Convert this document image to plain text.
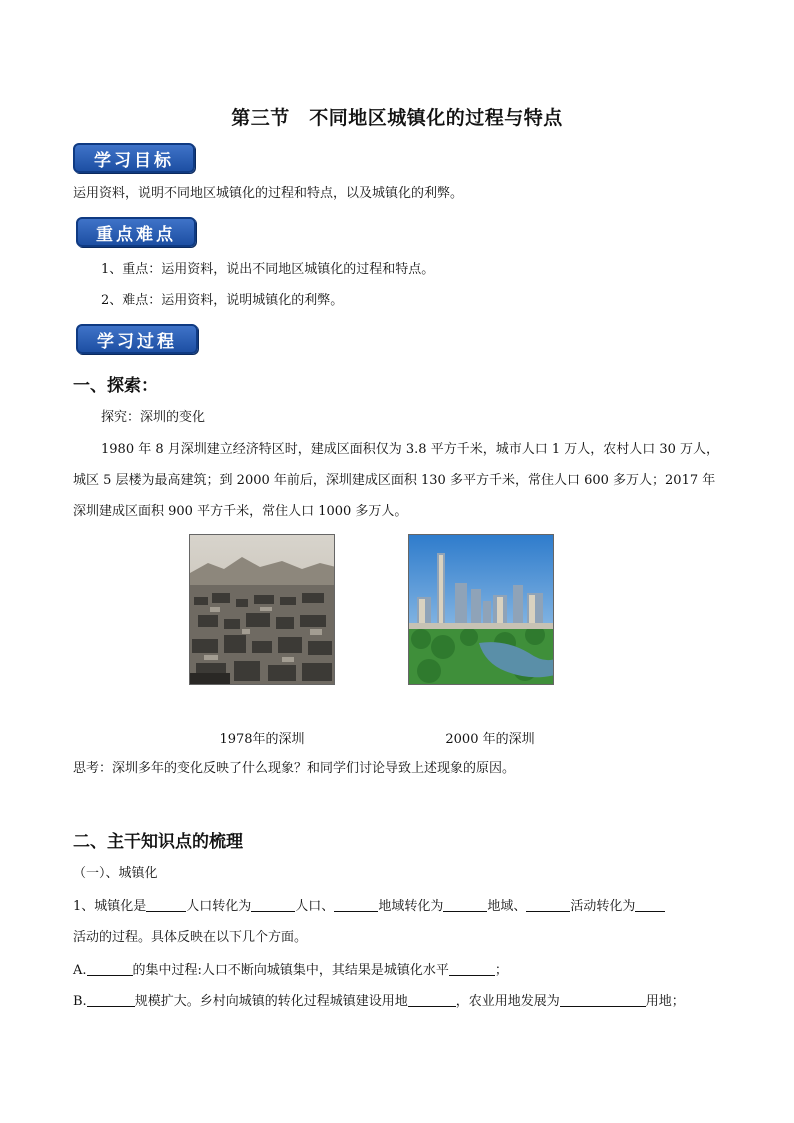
第三节　不同地区城镇化的过程与特点
学习目标
运用资料，说明不同地区城镇化的过程和特点，以及城镇化的利弊。
重点难点
1、重点：运用资料，说出不同地区城镇化的过程和特点。
2、难点：运用资料，说明城镇化的利弊。
学习过程
一、探索：
探究：深圳的变化
1980 年 8 月深圳建立经济特区时，建成区面积仅为 3.8 平方千米，城市人口 1 万人，农村人口 30 万人，
城区 5 层楼为最高建筑；到 2000 年前后，深圳建成区面积 130 多平方千米，常住人口 600 多万人；2017 年
深圳建成区面积 900 平方千米，常住人口 1000 多万人。
1978年的深圳	2000 年的深圳
思考：深圳多年的变化反映了什么现象？和同学们讨论导致上述现象的原因。
二、主干知识点的梳理
（一）、城镇化
1、城镇化是	人口转化为	人口、	地域转化为	地域、	活动转化为
活动的过程。具体反映在以下几个方面。
A.	的集中过程:人口不断向城镇集中，其结果是城镇化水平	；
B.	规模扩大。乡村向城镇的转化过程城镇建设用地	，农业用地发展为	用地；
